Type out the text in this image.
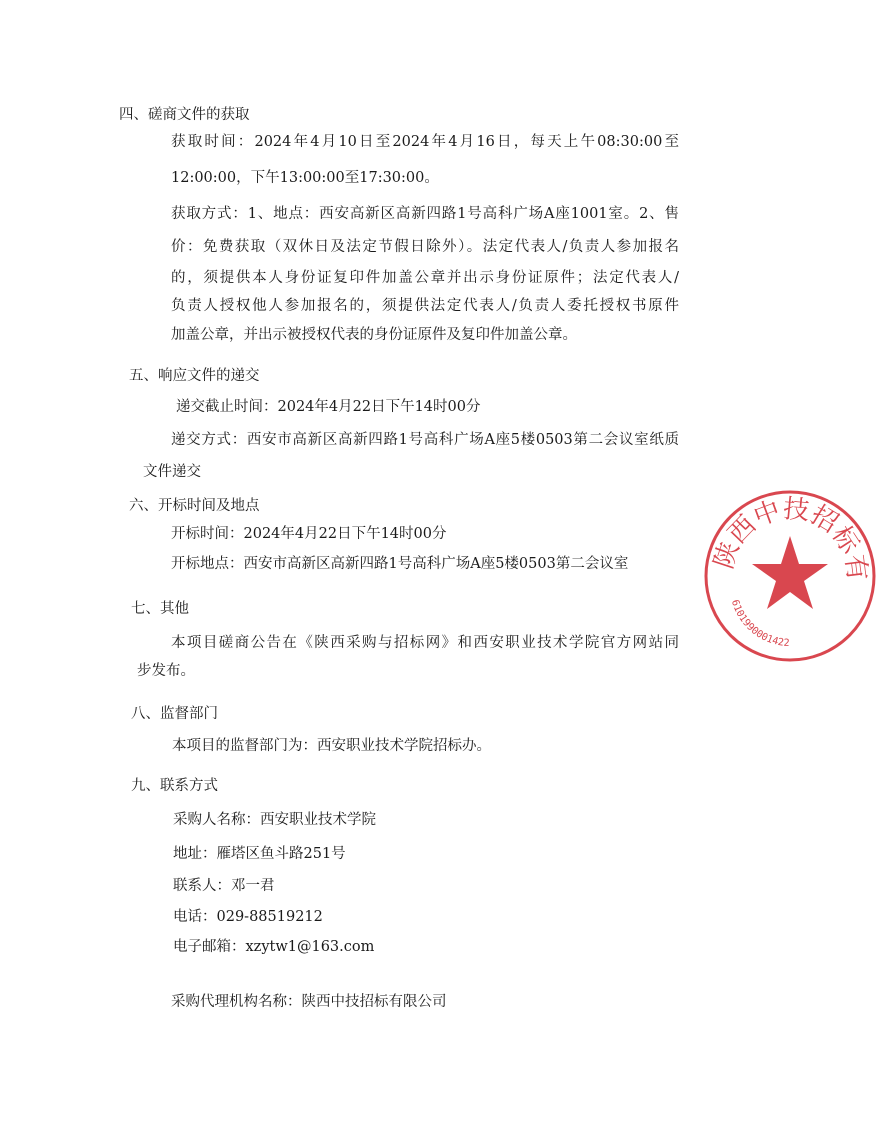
四、磋商文件的获取
获取时间：2024年4月10日至2024年4月16日，每天上午08:30:00至
12:00:00，下午13:00:00至17:30:00。
获取方式：1、地点：西安高新区高新四路1号高科广场A座1001室。2、售
价：免费获取（双休日及法定节假日除外）。法定代表人/负责人参加报名
的，须提供本人身份证复印件加盖公章并出示身份证原件；法定代表人/
负责人授权他人参加报名的，须提供法定代表人/负责人委托授权书原件
加盖公章，并出示被授权代表的身份证原件及复印件加盖公章。
五、响应文件的递交
递交截止时间：2024年4月22日下午14时00分
递交方式：西安市高新区高新四路1号高科广场A座5楼0503第二会议室纸质
文件递交
六、开标时间及地点
开标时间：2024年4月22日下午14时00分
开标地点：西安市高新区高新四路1号高科广场A座5楼0503第二会议室
七、其他
本项目磋商公告在《陕西采购与招标网》和西安职业技术学院官方网站同
步发布。
八、监督部门
本项目的监督部门为：西安职业技术学院招标办。
九、联系方式
采购人名称：西安职业技术学院
地址：雁塔区鱼斗路251号
联系人：邓一君
电话：029-88519212
电子邮箱：xzytw1@163.com
采购代理机构名称：陕西中技招标有限公司
陕西中技招标有限公司
6101990001422
